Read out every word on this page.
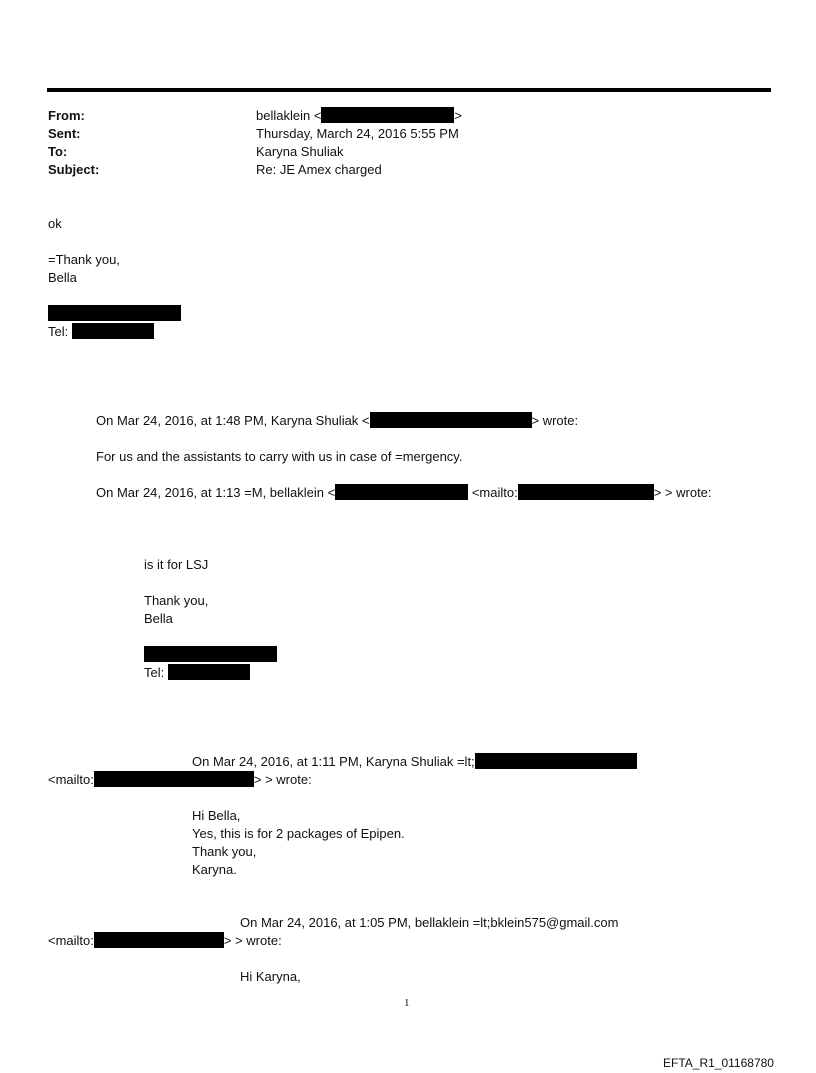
From:	bellaklein <	>
Sent:	Thursday, March 24, 2016 5:55 PM
To:	Karyna Shuliak
Subject:	Re: JE Amex charged
ok
=Thank you,
Bella
Tel:
On Mar 24, 2016, at 1:48 PM, Karyna Shuliak <	> wrote:
For us and the assistants to carry with us in case of =mergency.
On Mar 24, 2016, at 1:13 =M, bellaklein <	<mailto:	> > wrote:
is it for LSJ
Thank you,
Bella
Tel:
On Mar 24, 2016, at 1:11 PM, Karyna Shuliak =lt;
<mailto:	> > wrote:
Hi Bella,
Yes, this is for 2 packages of Epipen.
Thank you,
Karyna.
On Mar 24, 2016, at 1:05 PM, bellaklein =lt;bklein575@gmail.com
<mailto:	> > wrote:
Hi Karyna,
1
EFTA_R1_01168780
